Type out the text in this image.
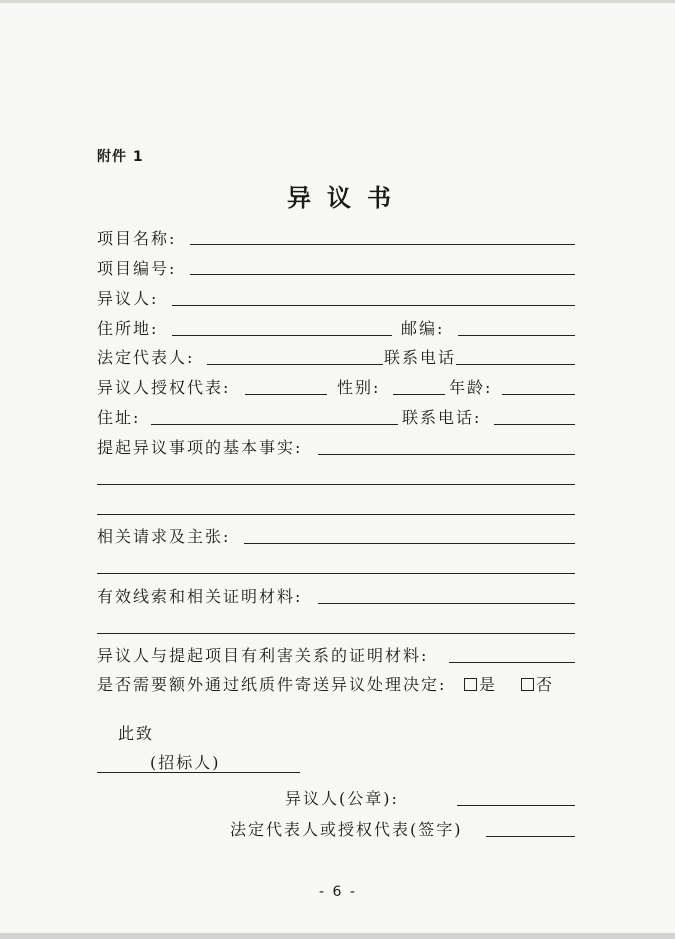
附件 1
异议书
项目名称:
项目编号:
异议人:
住所地:	邮编:
法定代表人:	联系电话
异议人授权代表:	性别:	年龄:
住址:	联系电话:
提起异议事项的基本事实:
相关请求及主张:
有效线索和相关证明材料:
异议人与提起项目有利害关系的证明材料:
是否需要额外通过纸质件寄送异议处理决定:	是	否
此致
(招标人)
异议人(公章):
法定代表人或授权代表(签字)
- 6 -
